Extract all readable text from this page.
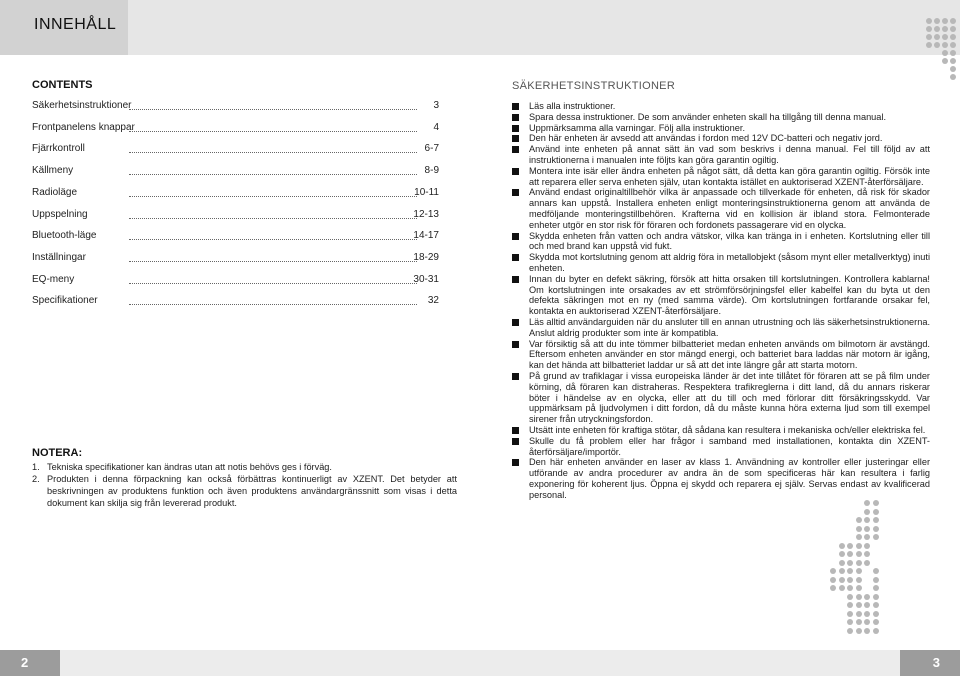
INNEHÅLL
CONTENTS
Säkerhetsinstruktioner	3
Frontpanelens knappar	4
Fjärrkontroll	6-7
Källmeny	8-9
Radioläge	10-11
Uppspelning	12-13
Bluetooth-läge	14-17
Inställningar	18-29
EQ-meny	30-31
Specifikationer	32
NOTERA:
1. Tekniska specifikationer kan ändras utan att notis behövs ges i förväg.
2. Produkten i denna förpackning kan också förbättras kontinuerligt av XZENT. Det betyder att beskrivningen av produktens funktion och även produktens användargränssnitt som visas i detta dokument kan skilja sig från levererad produkt.
SÄKERHETSINSTRUKTIONER
Läs alla instruktioner.
Spara dessa instruktioner. De som använder enheten skall ha tillgång till denna manual.
Uppmärksamma alla varningar. Följ alla instruktioner.
Den här enheten är avsedd att användas i fordon med 12V DC-batteri och negativ jord.
Använd inte enheten på annat sätt än vad som beskrivs i denna manual. Fel till följd av att instruktionerna i manualen inte följts kan göra garantin ogiltig.
Montera inte isär eller ändra enheten på något sätt, då detta kan göra garantin ogiltig. Försök inte att reparera eller serva enheten själv, utan kontakta istället en auktoriserad XZENT-återförsäljare.
Använd endast originaltillbehör vilka är anpassade och tillverkade för enheten, då risk för skador annars kan uppstå. Installera enheten enligt monteringsinstruktionerna genom att använda de medföljande monteringstillbehören. Krafterna vid en kollision är ibland stora. Felmonterade enheter utgör en stor risk för föraren och fordonets passagerare vid en olycka.
Skydda enheten från vatten och andra vätskor, vilka kan tränga in i enheten. Kortslutning eller till och med brand kan uppstå vid fukt.
Skydda mot kortslutning genom att aldrig föra in metallobjekt (såsom mynt eller metallverktyg) inuti enheten.
Innan du byter en defekt säkring, försök att hitta orsaken till kortslutningen. Kontrollera kablarna! Om kortslutningen inte orsakades av ett strömförsörjningsfel eller kabelfel kan du byta ut den defekta säkringen mot en ny (med samma värde). Om kortslutningen fortfarande orsakar fel, kontakta en auktoriserad XZENT-återförsäljare.
Läs alltid användarguiden när du ansluter till en annan utrustning och läs säkerhetsinstruktionerna. Anslut aldrig produkter som inte är kompatibla.
Var försiktig så att du inte tömmer bilbatteriet medan enheten används om bilmotorn är avstängd. Eftersom enheten använder en stor mängd energi, och batteriet bara laddas när motorn är igång, kan det hända att bilbatteriet laddar ur så att det inte längre går att starta motorn.
På grund av trafiklagar i vissa europeiska länder är det inte tillåtet för föraren att se på film under körning, då föraren kan distraheras. Respektera trafikreglerna i ditt land, då du annars riskerar böter i händelse av en olycka, eller att du till och med förlorar ditt försäkringsskydd. Var uppmärksam på ljudvolymen i ditt fordon, då du måste kunna höra externa ljud som till exempel sirener från utryckningsfordon.
Utsätt inte enheten för kraftiga stötar, då sådana kan resultera i mekaniska och/eller elektriska fel.
Skulle du få problem eller har frågor i samband med installationen, kontakta din XZENT-återförsäljare/importör.
Den här enheten använder en laser av klass 1. Användning av kontroller eller justeringar eller utförande av andra procedurer av andra än de som specificeras här kan resultera i farlig exponering för koherent ljus. Öppna ej skydd och reparera ej själv. Servas endast av kvalificerad personal.
2	3
